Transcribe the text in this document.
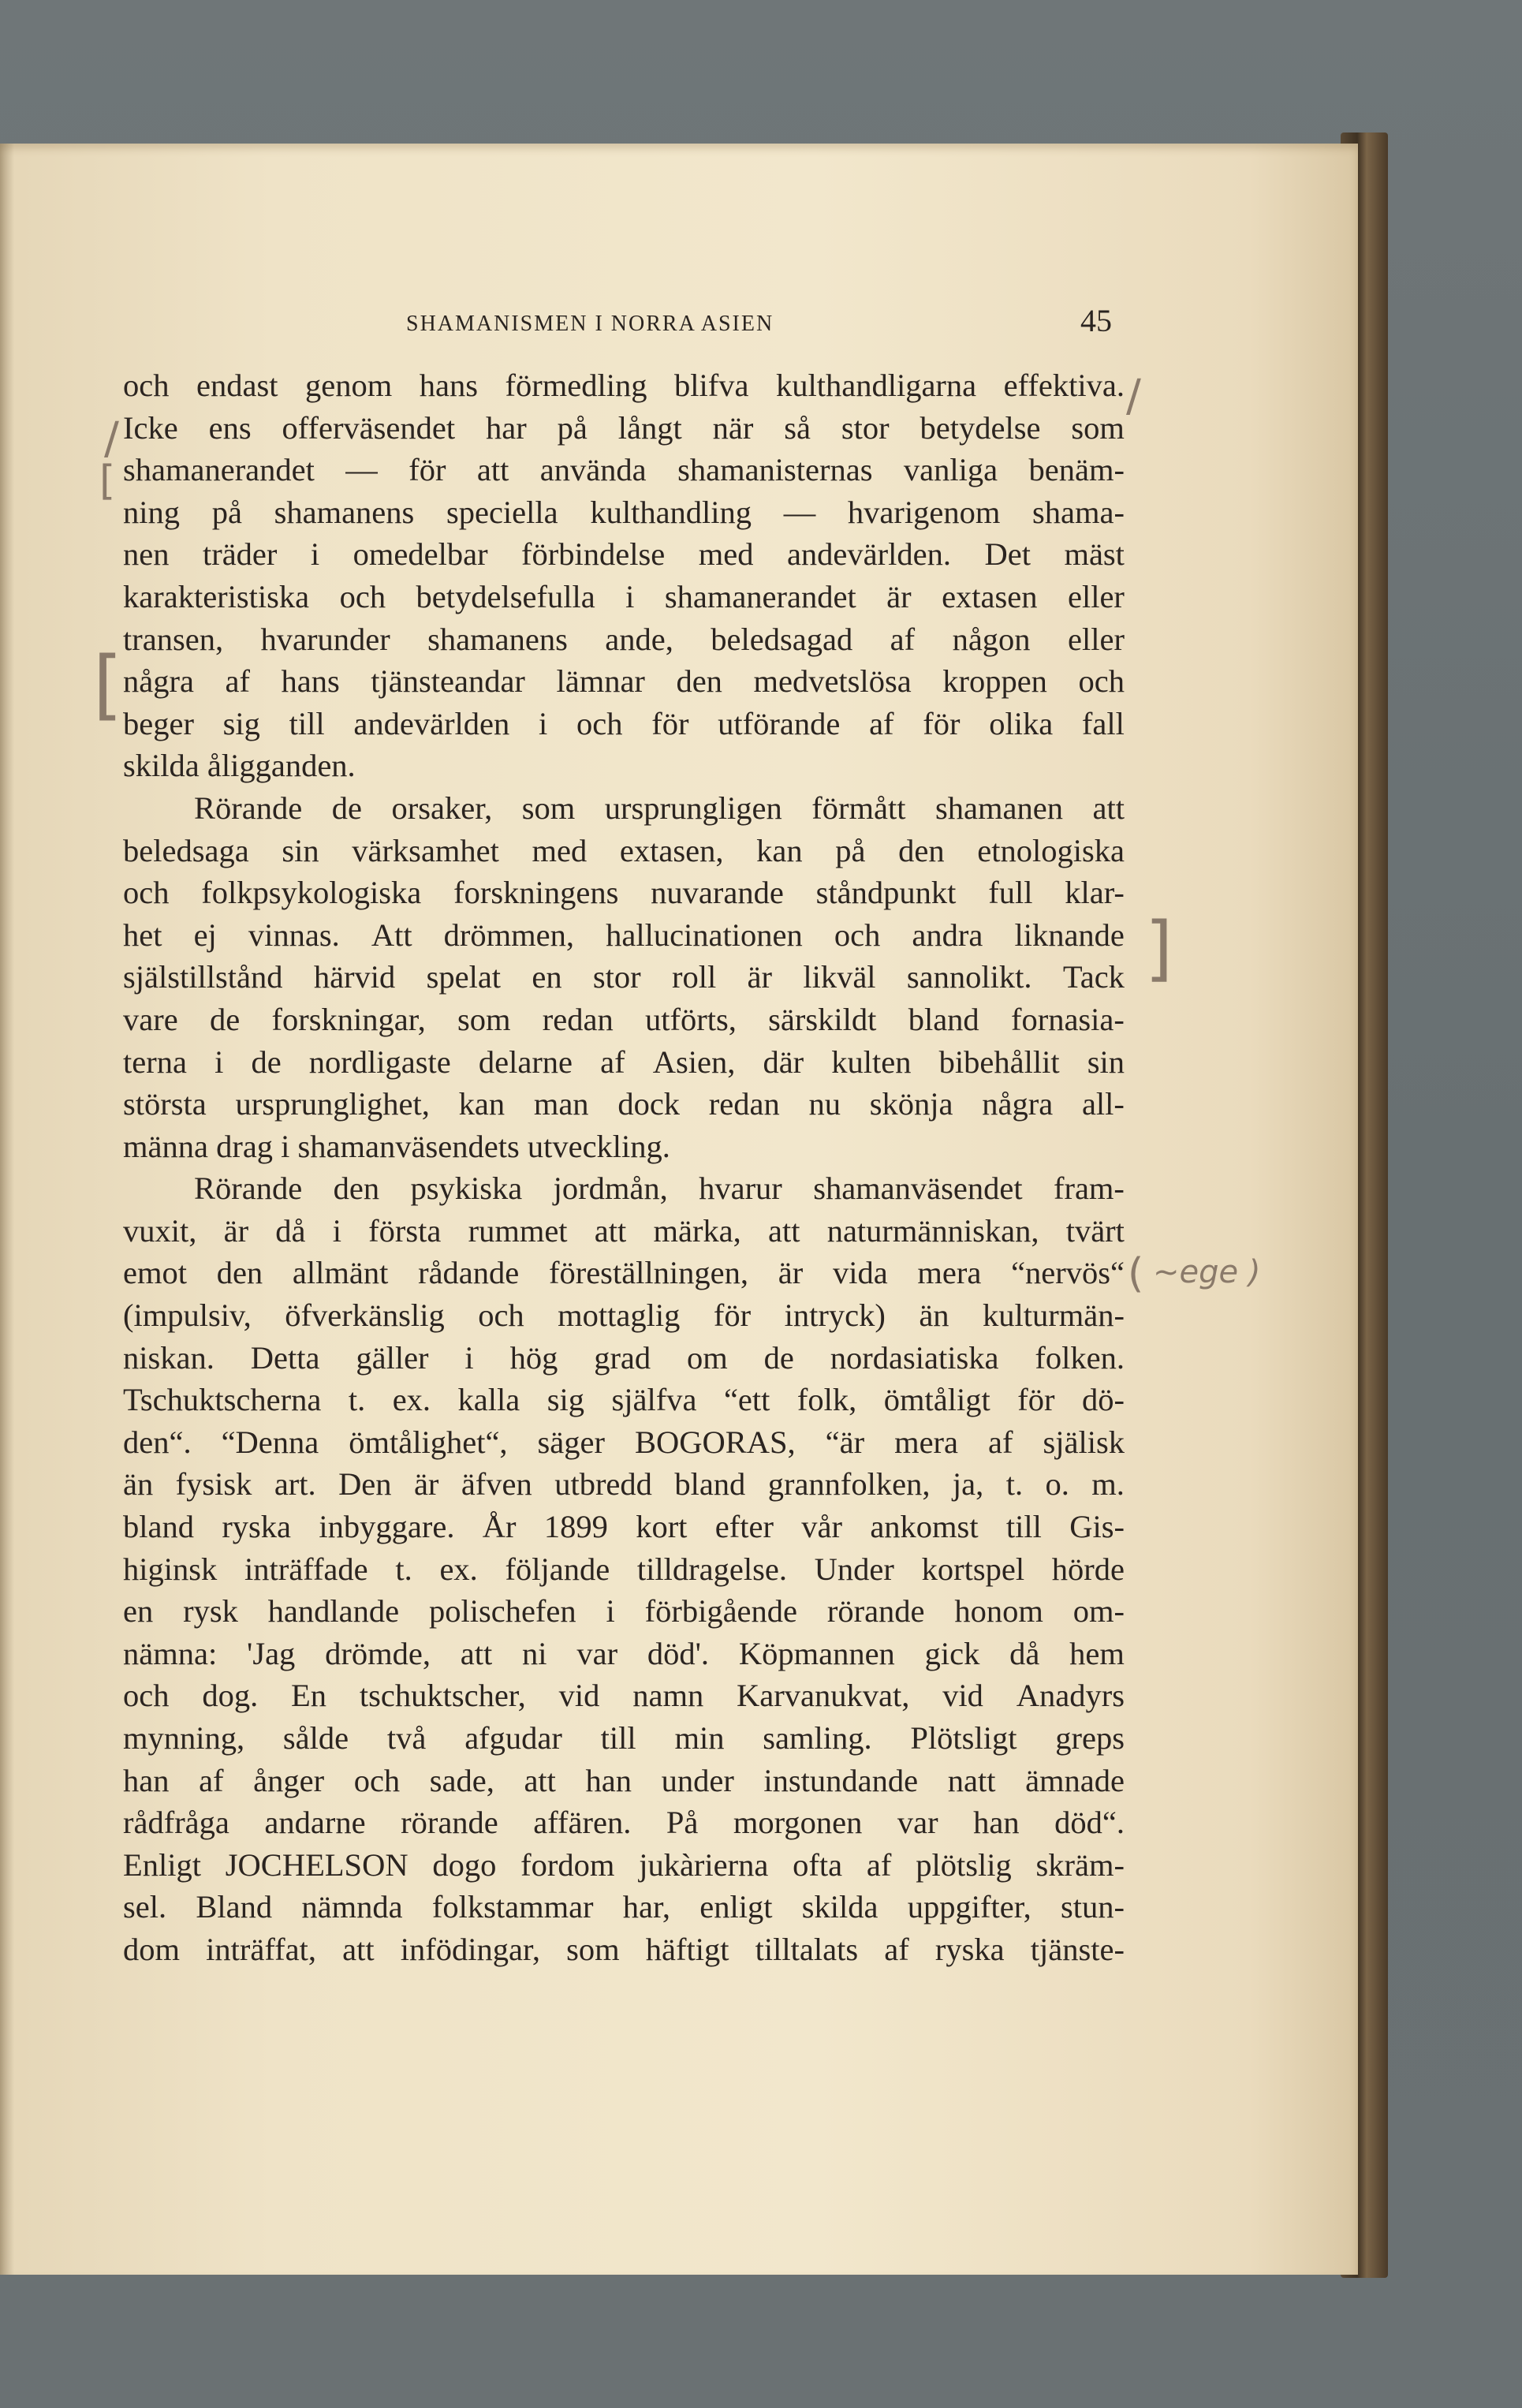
SHAMANISMEN I NORRA ASIEN	45
/
/
[
[
]
( ~ege )
och endast genom hans förmedling blifva kulthandligarna effektiva.
Icke ens offerväsendet har på långt när så stor betydelse som
shamanerandet — för att använda shamanisternas vanliga benäm-
ning på shamanens speciella kulthandling — hvarigenom shama-
nen träder i omedelbar förbindelse med andevärlden. Det mäst
karakteristiska och betydelsefulla i shamanerandet är extasen eller
transen, hvarunder shamanens ande, beledsagad af någon eller
några af hans tjänsteandar lämnar den medvetslösa kroppen och
beger sig till andevärlden i och för utförande af för olika fall
skilda åligganden.
Rörande de orsaker, som ursprungligen förmått shamanen att
beledsaga sin värksamhet med extasen, kan på den etnologiska
och folkpsykologiska forskningens nuvarande ståndpunkt full klar-
het ej vinnas. Att drömmen, hallucinationen och andra liknande
själstillstånd härvid spelat en stor roll är likväl sannolikt. Tack
vare de forskningar, som redan utförts, särskildt bland fornasia-
terna i de nordligaste delarne af Asien, där kulten bibehållit sin
största ursprunglighet, kan man dock redan nu skönja några all-
männa drag i shamanväsendets utveckling.
Rörande den psykiska jordmån, hvarur shamanväsendet fram-
vuxit, är då i första rummet att märka, att naturmänniskan, tvärt
emot den allmänt rådande föreställningen, är vida mera “nervös“
(impulsiv, öfverkänslig och mottaglig för intryck) än kulturmän-
niskan. Detta gäller i hög grad om de nordasiatiska folken.
Tschuktscherna t. ex. kalla sig själfva “ett folk, ömtåligt för dö-
den“. “Denna ömtålighet“, säger BOGORAS, “är mera af själisk
än fysisk art. Den är äfven utbredd bland grannfolken, ja, t. o. m.
bland ryska inbyggare. År 1899 kort efter vår ankomst till Gis-
higinsk inträffade t. ex. följande tilldragelse. Under kortspel hörde
en rysk handlande polischefen i förbigående rörande honom om-
nämna: 'Jag drömde, att ni var död'. Köpmannen gick då hem
och dog. En tschuktscher, vid namn Karvanukvat, vid Anadyrs
mynning, sålde två afgudar till min samling. Plötsligt greps
han af ånger och sade, att han under instundande natt ämnade
rådfråga andarne rörande affären. På morgonen var han död“.
Enligt JOCHELSON dogo fordom jukàrierna ofta af plötslig skräm-
sel. Bland nämnda folkstammar har, enligt skilda uppgifter, stun-
dom inträffat, att infödingar, som häftigt tilltalats af ryska tjänste-
